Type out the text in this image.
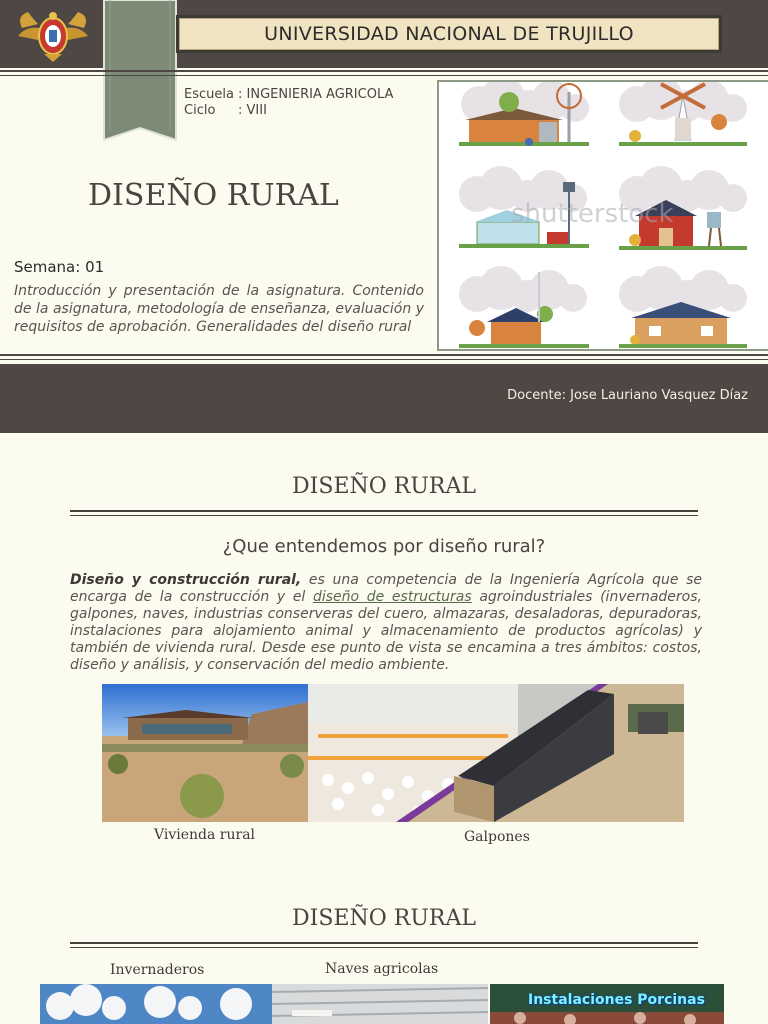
UNIVERSIDAD NACIONAL DE TRUJILLO
Escuela : INGENIERIA AGRICOLA
Ciclo	: VIII
DISEÑO RURAL
Semana: 01
Introducción y presentación de la asignatura. Contenido de la asignatura, metodología de enseñanza, evaluación y requisitos de aprobación. Generalidades del diseño rural
shutterstock
Docente: Jose Lauriano Vasquez Díaz
DISEÑO RURAL
¿Que entendemos por diseño rural?
Diseño y construcción rural, es una competencia de la Ingeniería Agrícola que se encarga de la construcción y el diseño de estructuras agroindustriales (invernaderos, galpones, naves, industrias conserveras del cuero, almazaras, desaladoras, depuradoras, instalaciones para alojamiento animal y almacenamiento de productos agrícolas) y también de vivienda rural. Desde ese punto de vista se encamina a tres ámbitos: costos, diseño y análisis, y conservación del medio ambiente.
Vivienda rural	Galpones
DISEÑO RURAL
Invernaderos	Naves agricolas
Instalaciones Porcinas
